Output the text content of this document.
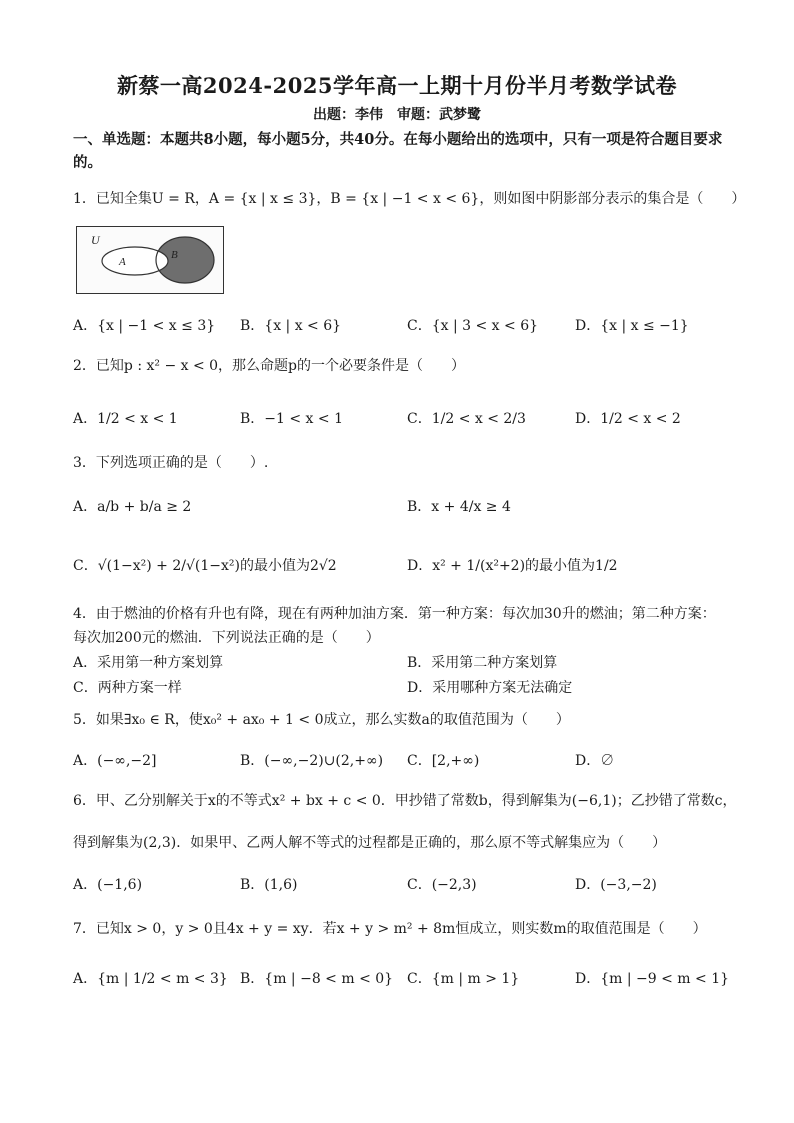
新蔡一高2024-2025学年高一上期十月份半月考数学试卷
出题：李伟　审题：武梦鹭
一、单选题：本题共8小题，每小题5分，共40分。在每小题给出的选项中，只有一项是符合题目要求的。
1．已知全集U = R，A = {x | x ≤ 3}，B = {x | −1 < x < 6}，则如图中阴影部分表示的集合是（　　）
U
A
B
A．{x | −1 < x ≤ 3} B．{x | x < 6}	C．{x | 3 < x < 6}	D．{x | x ≤ −1}
2．已知p : x² − x < 0，那么命题p的一个必要条件是（　　）
A．1/2 < x < 1	B．−1 < x < 1	C．1/2 < x < 2/3	D．1/2 < x < 2
3．下列选项正确的是（　　）.
A．a/b + b/a ≥ 2	B．x + 4/x ≥ 4
C．√(1−x²) + 2/√(1−x²)的最小值为2√2	D．x² + 1/(x²+2)的最小值为1/2
4．由于燃油的价格有升也有降，现在有两种加油方案．第一种方案：每次加30升的燃油；第二种方案：
每次加200元的燃油．下列说法正确的是（　　）
A．采用第一种方案划算	B．采用第二种方案划算
C．两种方案一样	D．采用哪种方案无法确定
5．如果∃x₀ ∈ R，使x₀² + ax₀ + 1 < 0成立，那么实数a的取值范围为（　　）
A．(−∞,−2]	B．(−∞,−2)∪(2,+∞) C．[2,+∞)	D．∅
6．甲、乙分别解关于x的不等式x² + bx + c < 0．甲抄错了常数b，得到解集为(−6,1)；乙抄错了常数c，
得到解集为(2,3)．如果甲、乙两人解不等式的过程都是正确的，那么原不等式解集应为（　　）
A．(−1,6)	B．(1,6)	C．(−2,3)	D．(−3,−2)
7．已知x > 0，y > 0且4x + y = xy．若x + y > m² + 8m恒成立，则实数m的取值范围是（　　）
A．{m | 1/2 < m < 3} B．{m | −8 < m < 0} C．{m | m > 1}	D．{m | −9 < m < 1}
